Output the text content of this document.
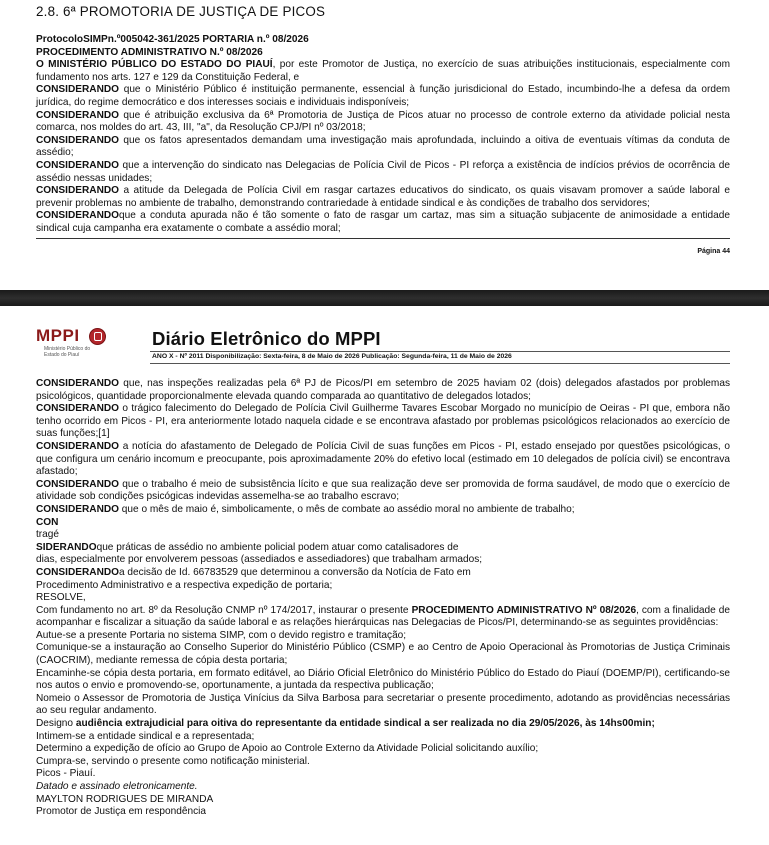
2.8. 6ª PROMOTORIA DE JUSTIÇA DE PICOS
ProtocoloSIMPn.º005042-361/2025 PORTARIA n.º 08/2026
PROCEDIMENTO ADMINISTRATIVO N.º 08/2026
O MINISTÉRIO PÚBLICO DO ESTADO DO PIAUÍ, por este Promotor de Justiça, no exercício de suas atribuições institucionais, especialmente com fundamento nos arts. 127 e 129 da Constituição Federal, e
CONSIDERANDO que o Ministério Público é instituição permanente, essencial à função jurisdicional do Estado, incumbindo-lhe a defesa da ordem jurídica, do regime democrático e dos interesses sociais e individuais indisponíveis;
CONSIDERANDO que é atribuição exclusiva da 6ª Promotoria de Justiça de Picos atuar no processo de controle externo da atividade policial nesta comarca, nos moldes do art. 43, III, "a", da Resolução CPJ/PI nº 03/2018;
CONSIDERANDO que os fatos apresentados demandam uma investigação mais aprofundada, incluindo a oitiva de eventuais vítimas da conduta de assédio;
CONSIDERANDO que a intervenção do sindicato nas Delegacias de Polícia Civil de Picos - PI reforça a existência de indícios prévios de ocorrência de assédio nessas unidades;
CONSIDERANDO a atitude da Delegada de Polícia Civil em rasgar cartazes educativos do sindicato, os quais visavam promover a saúde laboral e prevenir problemas no ambiente de trabalho, demonstrando contrariedade à entidade sindical e às condições de trabalho dos servidores;
CONSIDERANDOque a conduta apurada não é tão somente o fato de rasgar um cartaz, mas sim a situação subjacente de animosidade a entidade sindical cuja campanha era exatamente o combate a assédio moral;
Página 44
MPPI
Ministério Público do Estado do Piauí
Diário Eletrônico do MPPI
ANO X - Nº 2011 Disponibilização: Sexta-feira, 8 de Maio de 2026 Publicação: Segunda-feira, 11 de Maio de 2026
CONSIDERANDO que, nas inspeções realizadas pela 6ª PJ de Picos/PI em setembro de 2025 haviam 02 (dois) delegados afastados por problemas psicológicos, quantidade proporcionalmente elevada quando comparada ao quantitativo de delegados lotados;
CONSIDERANDO o trágico falecimento do Delegado de Polícia Civil Guilherme Tavares Escobar Morgado no município de Oeiras - PI que, embora não tenho ocorrido em Picos - PI, era anteriormente lotado naquela cidade e se encontrava afastado por problemas psicológicos relacionados ao exercício de suas funções;[1]
CONSIDERANDO a notícia do afastamento de Delegado de Polícia Civil de suas funções em Picos - PI, estado ensejado por questões psicológicas, o que configura um cenário incomum e preocupante, pois aproximadamente 20% do efetivo local (estimado em 10 delegados de polícia civil) se encontrava afastado;
CONSIDERANDO que o trabalho é meio de subsistência lícito e que sua realização deve ser promovida de forma saudável, de modo que o exercício de atividade sob condições psicógicas indevidas assemelha-se ao trabalho escravo;
CONSIDERANDO que o mês de maio é, simbolicamente, o mês de combate ao assédio moral no ambiente de trabalho;
CON
tragé
SIDERANDOque práticas de assédio no ambiente policial podem atuar como catalisadores de
dias, especialmente por envolverem pessoas (assediados e assediadores) que trabalham armados;
CONSIDERANDOa decisão de Id. 66783529 que determinou a conversão da Notícia de Fato em
Procedimento Administrativo e a respectiva expedição de portaria;
RESOLVE,
Com fundamento no art. 8º da Resolução CNMP nº 174/2017, instaurar o presente PROCEDIMENTO ADMINISTRATIVO Nº 08/2026, com a finalidade de acompanhar e fiscalizar a situação da saúde laboral e as relações hierárquicas nas Delegacias de Picos/PI, determinando-se as seguintes providências:
Autue-se a presente Portaria no sistema SIMP, com o devido registro e tramitação;
Comunique-se a instauração ao Conselho Superior do Ministério Público (CSMP) e ao Centro de Apoio Operacional às Promotorias de Justiça Criminais (CAOCRIM), mediante remessa de cópia desta portaria;
Encaminhe-se cópia desta portaria, em formato editável, ao Diário Oficial Eletrônico do Ministério Público do Estado do Piauí (DOEMP/PI), certificando-se nos autos o envio e promovendo-se, oportunamente, a juntada da respectiva publicação;
Nomeio o Assessor de Promotoria de Justiça Vinícius da Silva Barbosa para secretariar o presente procedimento, adotando as providências necessárias ao seu regular andamento.
Designo audiência extrajudicial para oitiva do representante da entidade sindical a ser realizada no dia 29/05/2026, às 14hs00min;
Intimem-se a entidade sindical e a representada;
Determino a expedição de ofício ao Grupo de Apoio ao Controle Externo da Atividade Policial solicitando auxílio;
Cumpra-se, servindo o presente como notificação ministerial.
Picos - Piauí.
Datado e assinado eletronicamente.
MAYLTON RODRIGUES DE MIRANDA
Promotor de Justiça em respondência
